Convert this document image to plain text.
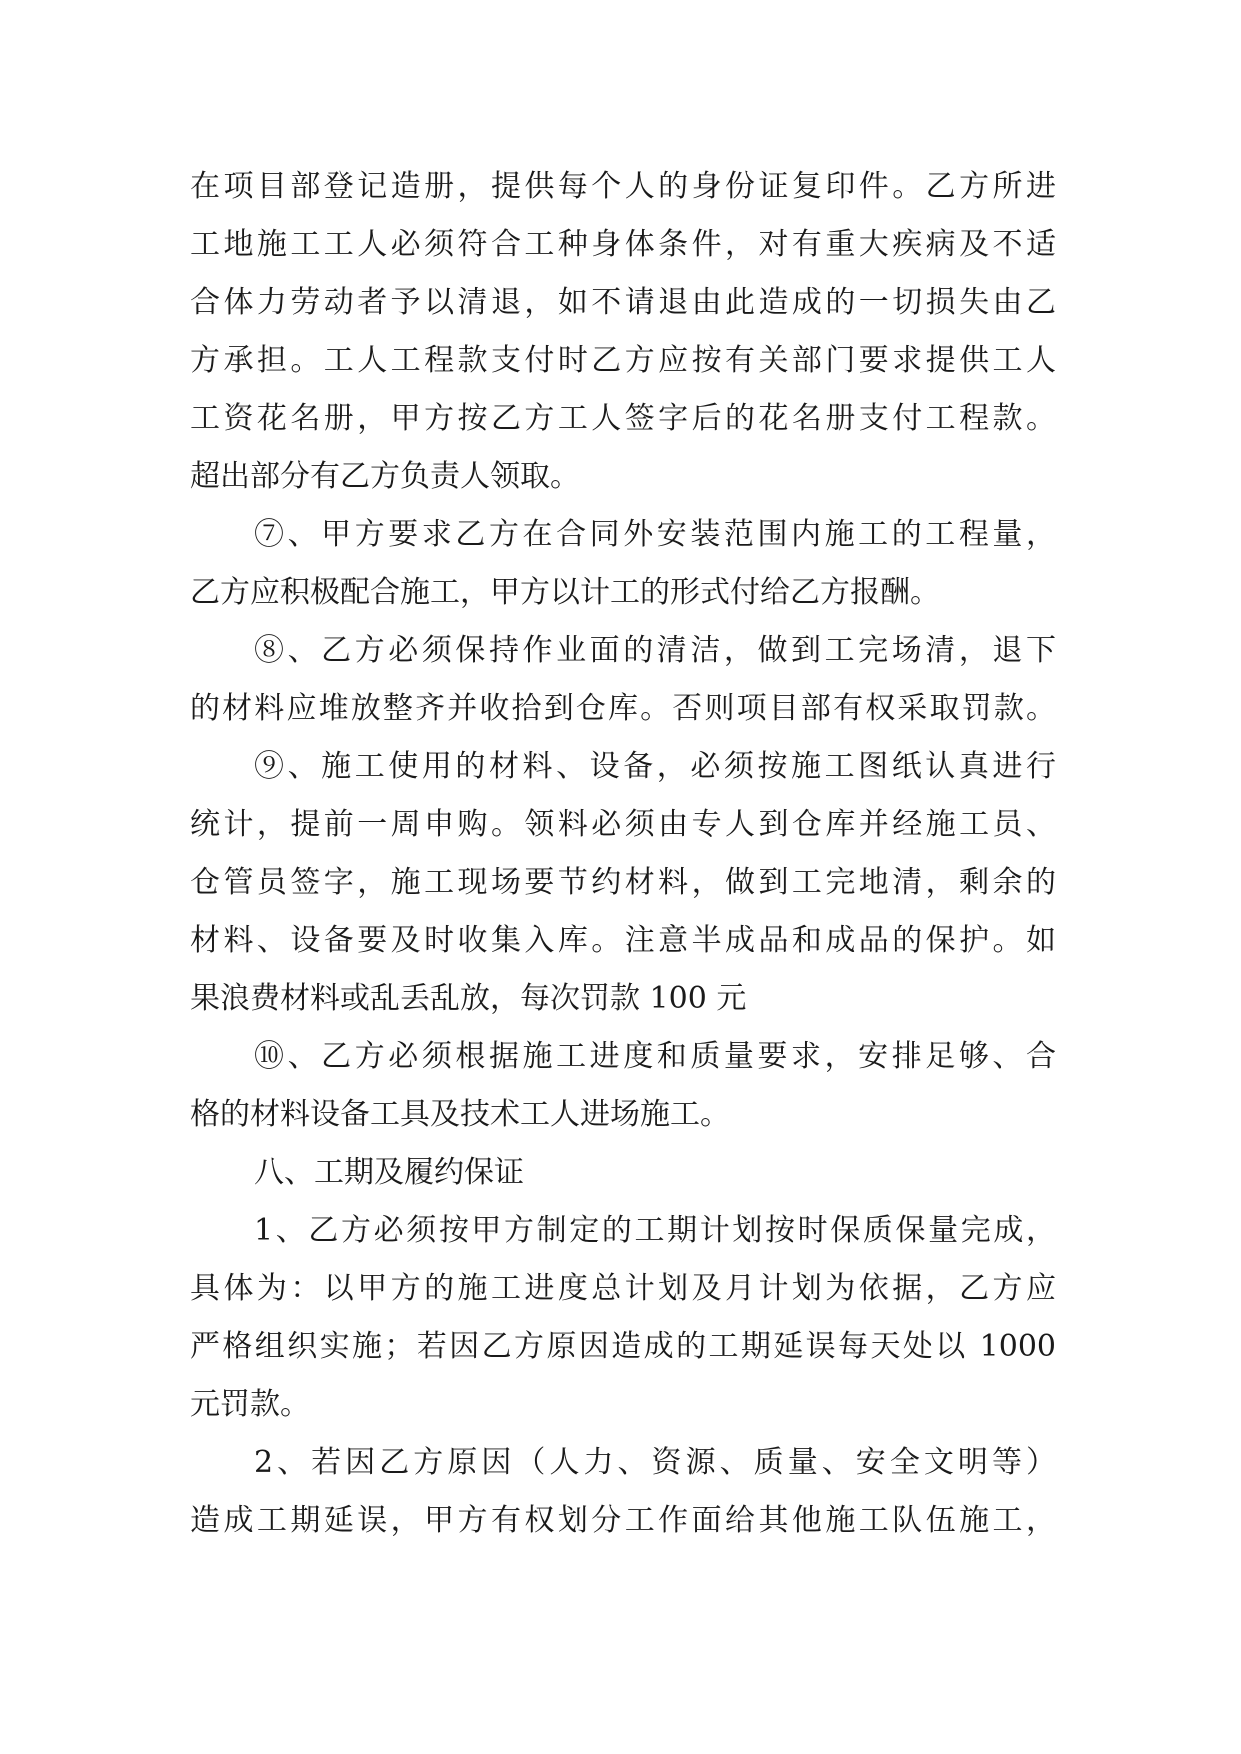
在项目部登记造册，提供每个人的身份证复印件。乙方所进
工地施工工人必须符合工种身体条件，对有重大疾病及不适
合体力劳动者予以清退，如不请退由此造成的一切损失由乙
方承担。工人工程款支付时乙方应按有关部门要求提供工人
工资花名册，甲方按乙方工人签字后的花名册支付工程款。
超出部分有乙方负责人领取。
⑦、甲方要求乙方在合同外安装范围内施工的工程量，
乙方应积极配合施工，甲方以计工的形式付给乙方报酬。
⑧、乙方必须保持作业面的清洁，做到工完场清，退下
的材料应堆放整齐并收拾到仓库。否则项目部有权采取罚款。
⑨、施工使用的材料、设备，必须按施工图纸认真进行
统计，提前一周申购。领料必须由专人到仓库并经施工员、
仓管员签字，施工现场要节约材料，做到工完地清，剩余的
材料、设备要及时收集入库。注意半成品和成品的保护。如
果浪费材料或乱丢乱放，每次罚款 100 元
⑩、乙方必须根据施工进度和质量要求，安排足够、合
格的材料设备工具及技术工人进场施工。
八、工期及履约保证
1、乙方必须按甲方制定的工期计划按时保质保量完成，
具体为：以甲方的施工进度总计划及月计划为依据，乙方应
严格组织实施；若因乙方原因造成的工期延误每天处以 1000
元罚款。
2、若因乙方原因（人力、资源、质量、安全文明等）
造成工期延误，甲方有权划分工作面给其他施工队伍施工，
